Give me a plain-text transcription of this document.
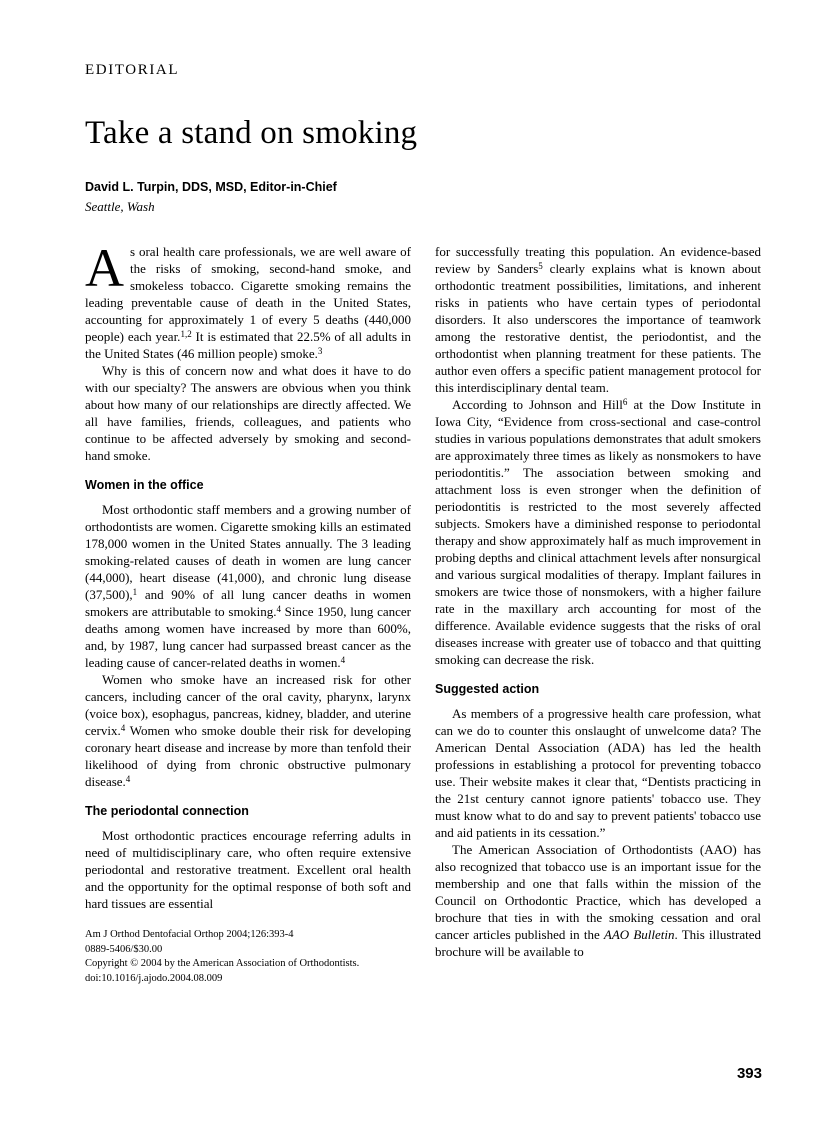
EDITORIAL
Take a stand on smoking
David L. Turpin, DDS, MSD, Editor-in-Chief
Seattle, Wash

As oral health care professionals, we are well aware of the risks of smoking, second-hand smoke, and smokeless tobacco. Cigarette smoking remains the leading preventable cause of death in the United States, accounting for approximately 1 of every 5 deaths (440,000 people) each year.$^{1,2}$ It is estimated that 22.5% of all adults in the United States (46 million people) smoke.$^3$

Why is this of concern now and what does it have to do with our specialty? The answers are obvious when you think about how many of our relationships are directly affected. We all have families, friends, colleagues, and patients who continue to be affected adversely by smoking and second-hand smoke.

Women in the office

Most orthodontic staff members and a growing number of orthodontists are women. Cigarette smoking kills an estimated 178,000 women in the United States annually. The 3 leading smoking-related causes of death in women are lung cancer (44,000), heart disease (41,000), and chronic lung disease (37,500),$^1$ and 90% of all lung cancer deaths in women smokers are attributable to smoking.$^4$ Since 1950, lung cancer deaths among women have increased by more than 600%, and, by 1987, lung cancer had surpassed breast cancer as the leading cause of cancer-related deaths in women.$^4$

Women who smoke have an increased risk for other cancers, including cancer of the oral cavity, pharynx, larynx (voice box), esophagus, pancreas, kidney, bladder, and uterine cervix.$^4$ Women who smoke double their risk for developing coronary heart disease and increase by more than tenfold their likelihood of dying from chronic obstructive pulmonary disease.$^4$

The periodontal connection

Most orthodontic practices encourage referring adults in need of multidisciplinary care, who often require extensive periodontal and restorative treatment. Excellent oral health and the opportunity for the optimal response of both soft and hard tissues are essential

Am J Orthod Dentofacial Orthop 2004;126:393-4
0889-5406/$30.00
Copyright © 2004 by the American Association of Orthodontists.
doi:10.1016/j.ajodo.2004.08.009

for successfully treating this population. An evidence-based review by Sanders$^5$ clearly explains what is known about orthodontic treatment possibilities, limitations, and inherent risks in patients who have certain types of periodontal disorders. It also underscores the importance of teamwork among the restorative dentist, the periodontist, and the orthodontist when planning treatment for these patients. The author even offers a specific patient management protocol for this interdisciplinary dental team.

According to Johnson and Hill$^6$ at the Dow Institute in Iowa City, “Evidence from cross-sectional and case-control studies in various populations demonstrates that adult smokers are approximately three times as likely as nonsmokers to have periodontitis.” The association between smoking and attachment loss is even stronger when the definition of periodontitis is restricted to the most severely affected subjects. Smokers have a diminished response to periodontal therapy and show approximately half as much improvement in probing depths and clinical attachment levels after nonsurgical and various surgical modalities of therapy. Implant failures in smokers are twice those of nonsmokers, with a higher failure rate in the maxillary arch accounting for most of the difference. Available evidence suggests that the risks of oral diseases increase with greater use of tobacco and that quitting smoking can decrease the risk.

Suggested action

As members of a progressive health care profession, what can we do to counter this onslaught of unwelcome data? The American Dental Association (ADA) has led the health professions in establishing a protocol for preventing tobacco use. Their website makes it clear that, “Dentists practicing in the 21st century cannot ignore patients' tobacco use. They must know what to do and say to prevent patients' tobacco use and aid patients in its cessation.”

The American Association of Orthodontists (AAO) has also recognized that tobacco use is an important issue for the membership and one that falls within the mission of the Council on Orthodontic Practice, which has developed a brochure that ties in with the smoking cessation and oral cancer articles published in the AAO Bulletin. This illustrated brochure will be available to

393
